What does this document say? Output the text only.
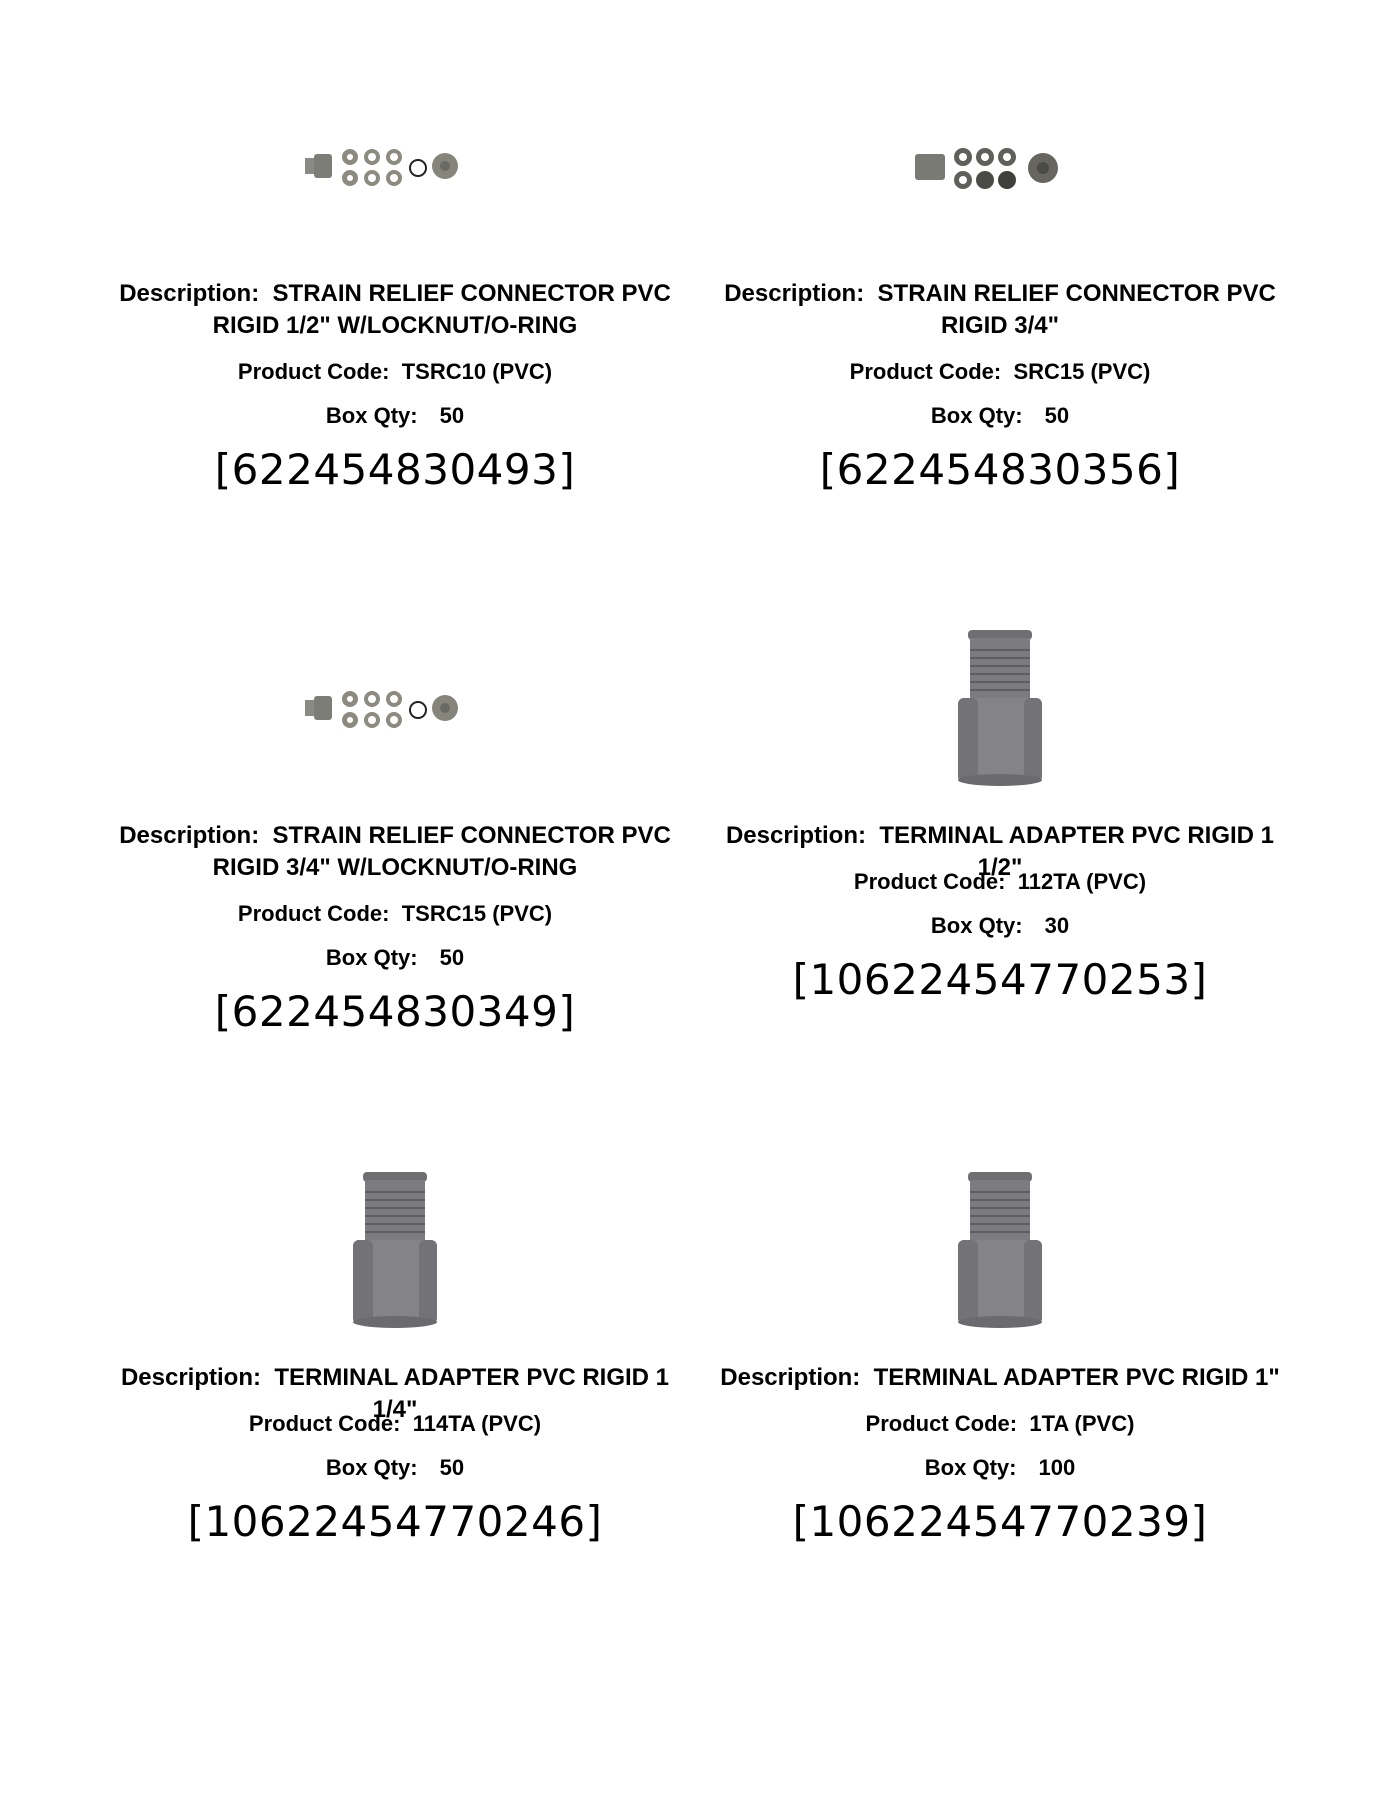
Description: STRAIN RELIEF CONNECTOR PVC RIGID 1/2" W/LOCKNUT/O-RING
Product Code: TSRC10 (PVC)
Box Qty: 50
[622454830493]
Description: STRAIN RELIEF CONNECTOR PVC RIGID 3/4"
Product Code: SRC15 (PVC)
Box Qty: 50
[622454830356]
Description: STRAIN RELIEF CONNECTOR PVC RIGID 3/4" W/LOCKNUT/O-RING
Product Code: TSRC15 (PVC)
Box Qty: 50
[622454830349]
Description: TERMINAL ADAPTER PVC RIGID 1 1/2"
Product Code: 112TA (PVC)
Box Qty: 30
[10622454770253]
Description: TERMINAL ADAPTER PVC RIGID 1 1/4"
Product Code: 114TA (PVC)
Box Qty: 50
[10622454770246]
Description: TERMINAL ADAPTER PVC RIGID 1"
Product Code: 1TA (PVC)
Box Qty: 100
[10622454770239]
